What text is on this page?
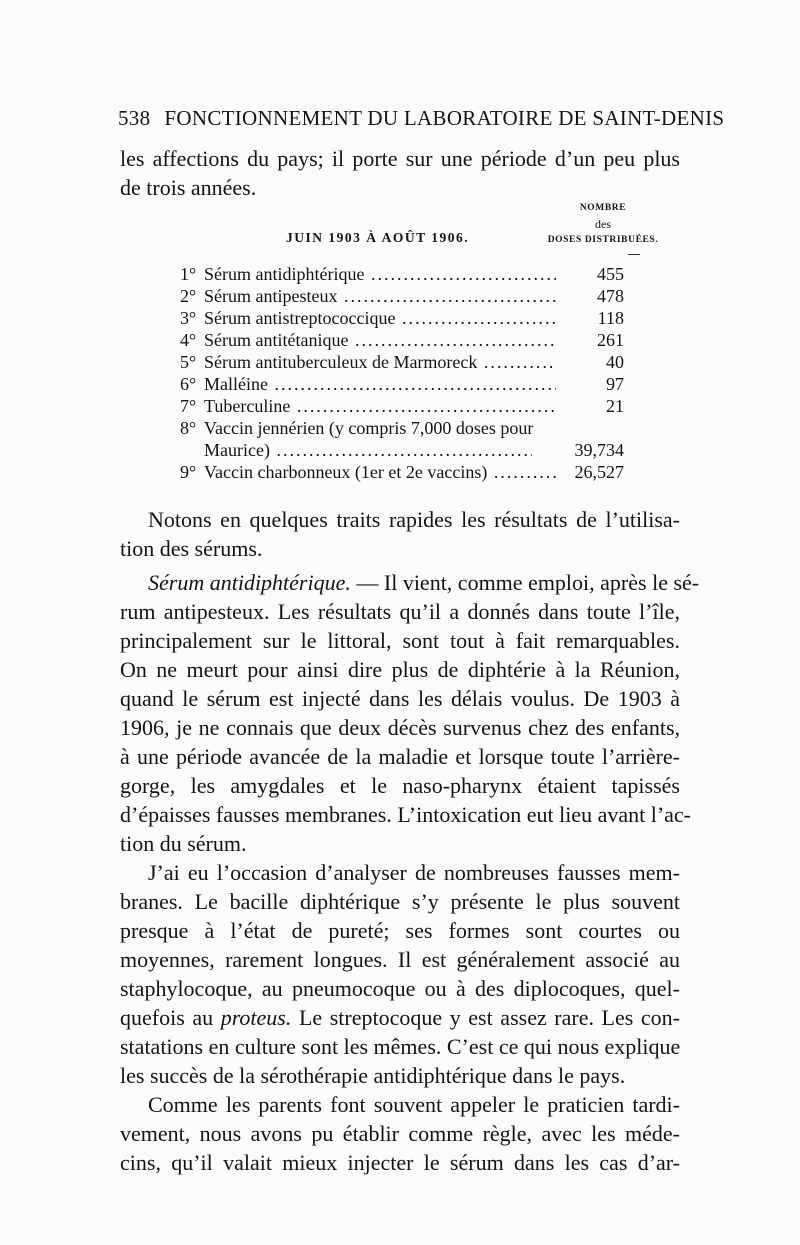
538 FONCTIONNEMENT DU LABORATOIRE DE SAINT-DENIS
les affections du pays; il porte sur une période d’un peu plus
de trois années.
NOMBRE
des
DOSES DISTRIBUÉES.
JUIN 1903 À AOÛT 1906.
1° Sérum antidiphtérique .....	455
2° Sérum antipesteux .....	478
3° Sérum antistreptococcique .....	118
4° Sérum antitétanique .....	261
5° Sérum antituberculeux de Marmoreck .....	40
6° Malléine .....	97
7° Tuberculine .....	21
8° Vaccin jennérien (y compris 7,000 doses pour
Maurice) .....	39,734
9° Vaccin charbonneux (1er et 2e vaccins) .....	26,527
Notons en quelques traits rapides les résultats de l’utilisa-
tion des sérums.
Sérum antidiphtérique. — Il vient, comme emploi, après le sé-
rum antipesteux. Les résultats qu’il a donnés dans toute l’île,
principalement sur le littoral, sont tout à fait remarquables.
On ne meurt pour ainsi dire plus de diphtérie à la Réunion,
quand le sérum est injecté dans les délais voulus. De 1903 à
1906, je ne connais que deux décès survenus chez des enfants,
à une période avancée de la maladie et lorsque toute l’arrière-
gorge, les amygdales et le naso-pharynx étaient tapissés
d’épaisses fausses membranes. L’intoxication eut lieu avant l’ac-
tion du sérum.
J’ai eu l’occasion d’analyser de nombreuses fausses mem-
branes. Le bacille diphtérique s’y présente le plus souvent
presque à l’état de pureté; ses formes sont courtes ou
moyennes, rarement longues. Il est généralement associé au
staphylocoque, au pneumocoque ou à des diplocoques, quel-
quefois au proteus. Le streptocoque y est assez rare. Les con-
statations en culture sont les mêmes. C’est ce qui nous explique
les succès de la sérothérapie antidiphtérique dans le pays.
Comme les parents font souvent appeler le praticien tardi-
vement, nous avons pu établir comme règle, avec les méde-
cins, qu’il valait mieux injecter le sérum dans les cas d’ar-
